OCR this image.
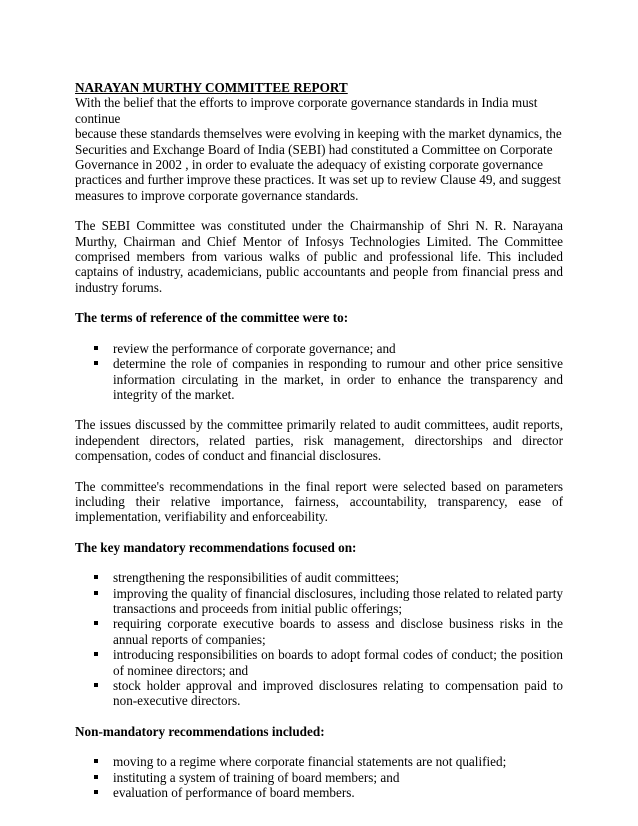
NARAYAN MURTHY COMMITTEE REPORT

With the belief that the efforts to improve corporate governance standards in India must continue
because these standards themselves were evolving in keeping with the market dynamics, the
Securities and Exchange Board of India (SEBI) had constituted a Committee on Corporate
Governance in 2002 , in order to evaluate the adequacy of existing corporate governance
practices and further improve these practices. It was set up to review Clause 49, and suggest
measures to improve corporate governance standards.

The SEBI Committee was constituted under the Chairmanship of Shri N. R. Narayana Murthy, Chairman and Chief Mentor of Infosys Technologies Limited. The Committee comprised members from various walks of public and professional life. This included captains of industry, academicians, public accountants and people from financial press and industry forums.

The terms of reference of the committee were to:

review the performance of corporate governance; and
determine the role of companies in responding to rumour and other price sensitive information circulating in the market, in order to enhance the transparency and integrity of the market.

The issues discussed by the committee primarily related to audit committees, audit reports, independent directors, related parties, risk management, directorships and director compensation, codes of conduct and financial disclosures.

The committee's recommendations in the final report were selected based on parameters including their relative importance, fairness, accountability, transparency, ease of implementation, verifiability and enforceability.

The key mandatory recommendations focused on:

strengthening the responsibilities of audit committees;
improving the quality of financial disclosures, including those related to related party transactions and proceeds from initial public offerings;
requiring corporate executive boards to assess and disclose business risks in the annual reports of companies;
introducing responsibilities on boards to adopt formal codes of conduct; the position of nominee directors; and
stock holder approval and improved disclosures relating to compensation paid to non-executive directors.

Non-mandatory recommendations included:

moving to a regime where corporate financial statements are not qualified;
instituting a system of training of board members; and
evaluation of performance of board members.
